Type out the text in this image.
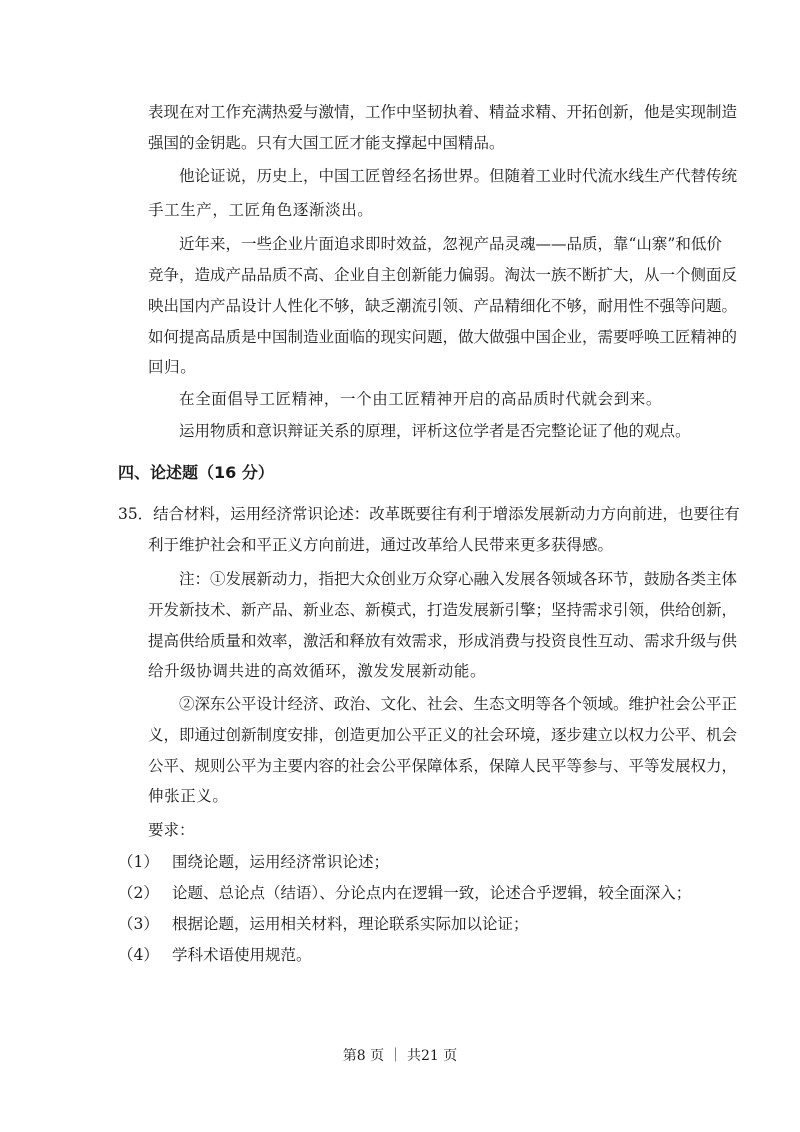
表现在对工作充满热爱与激情，工作中坚韧执着、精益求精、开拓创新，他是实现制造
强国的金钥匙。只有大国工匠才能支撑起中国精品。
他论证说，历史上，中国工匠曾经名扬世界。但随着工业时代流水线生产代替传统
手工生产，工匠角色逐渐淡出。
近年来，一些企业片面追求即时效益，忽视产品灵魂——品质，靠“山寨”和低价
竞争，造成产品品质不高、企业自主创新能力偏弱。淘汰一族不断扩大，从一个侧面反
映出国内产品设计人性化不够，缺乏潮流引领、产品精细化不够，耐用性不强等问题。
如何提高品质是中国制造业面临的现实问题，做大做强中国企业，需要呼唤工匠精神的
回归。
在全面倡导工匠精神，一个由工匠精神开启的高品质时代就会到来。
运用物质和意识辩证关系的原理，评析这位学者是否完整论证了他的观点。
四、论述题（16 分）
35．结合材料，运用经济常识论述：改革既要往有利于增添发展新动力方向前进，也要往有
利于维护社会和平正义方向前进，通过改革给人民带来更多获得感。
注：①发展新动力，指把大众创业万众穿心融入发展各领域各环节，鼓励各类主体
开发新技术、新产品、新业态、新模式，打造发展新引擎；坚持需求引领，供给创新，
提高供给质量和效率，激活和释放有效需求，形成消费与投资良性互动、需求升级与供
给升级协调共进的高效循环，激发发展新动能。
②深东公平设计经济、政治、文化、社会、生态文明等各个领域。维护社会公平正
义，即通过创新制度安排，创造更加公平正义的社会环境，逐步建立以权力公平、机会
公平、规则公平为主要内容的社会公平保障体系，保障人民平等参与、平等发展权力，
伸张正义。
要求：
（1） 围绕论题，运用经济常识论述；
（2） 论题、总论点（结语）、分论点内在逻辑一致，论述合乎逻辑，较全面深入；
（3） 根据论题，运用相关材料，理论联系实际加以论证；
（4） 学科术语使用规范。
第8 页 ｜ 共21 页
